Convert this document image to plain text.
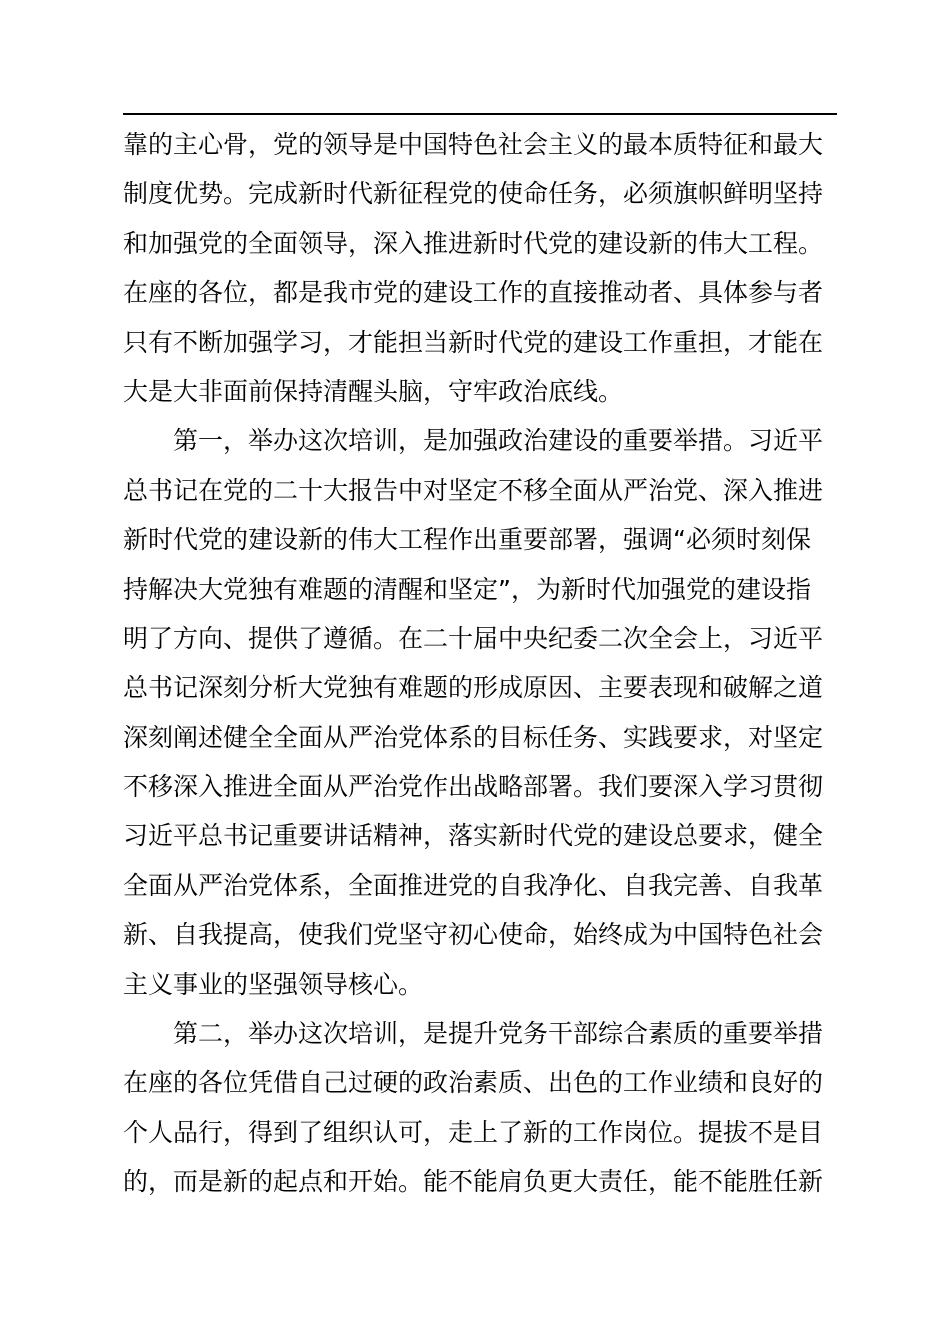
靠的主心骨，党的领导是中国特色社会主义的最本质特征和最大
制度优势。完成新时代新征程党的使命任务，必须旗帜鲜明坚持
和加强党的全面领导，深入推进新时代党的建设新的伟大工程。
在座的各位，都是我市党的建设工作的直接推动者、具体参与者
只有不断加强学习，才能担当新时代党的建设工作重担，才能在
大是大非面前保持清醒头脑，守牢政治底线。
第一，举办这次培训，是加强政治建设的重要举措。习近平
总书记在党的二十大报告中对坚定不移全面从严治党、深入推进
新时代党的建设新的伟大工程作出重要部署，强调“必须时刻保
持解决大党独有难题的清醒和坚定”，为新时代加强党的建设指
明了方向、提供了遵循。在二十届中央纪委二次全会上，习近平
总书记深刻分析大党独有难题的形成原因、主要表现和破解之道
深刻阐述健全全面从严治党体系的目标任务、实践要求，对坚定
不移深入推进全面从严治党作出战略部署。我们要深入学习贯彻
习近平总书记重要讲话精神，落实新时代党的建设总要求，健全
全面从严治党体系，全面推进党的自我净化、自我完善、自我革
新、自我提高，使我们党坚守初心使命，始终成为中国特色社会
主义事业的坚强领导核心。
第二，举办这次培训，是提升党务干部综合素质的重要举措
在座的各位凭借自己过硬的政治素质、出色的工作业绩和良好的
个人品行，得到了组织认可，走上了新的工作岗位。提拔不是目
的，而是新的起点和开始。能不能肩负更大责任，能不能胜任新
